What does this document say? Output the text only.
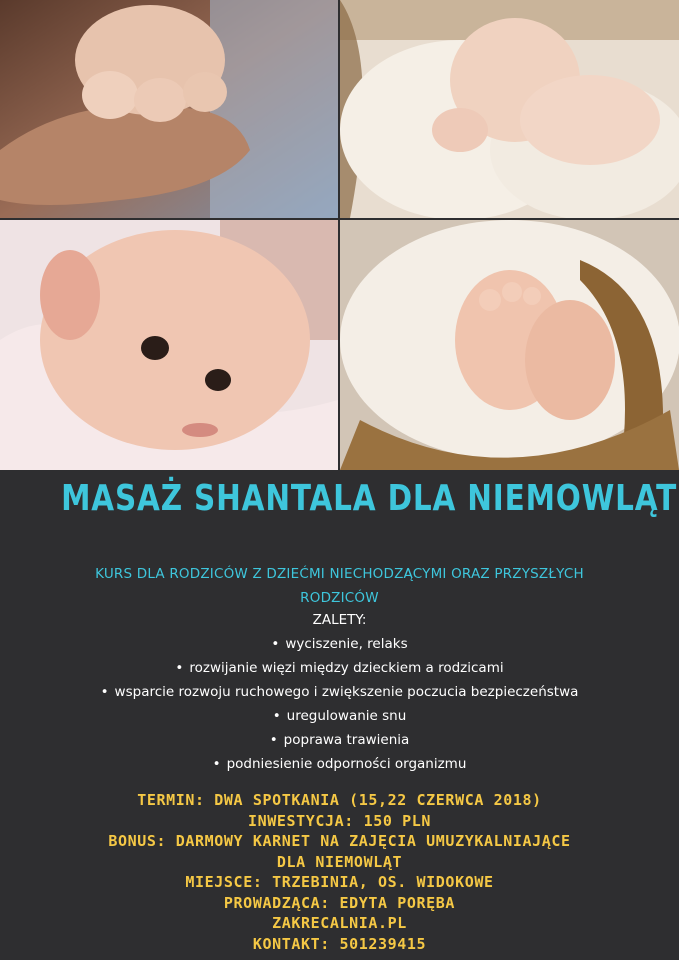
MASAŻ SHANTALA DLA NIEMOWLĄT
KURS DLA RODZICÓW Z DZIEĆMI NIECHODZĄCYMI ORAZ PRZYSZŁYCH RODZICÓW
ZALETY:
• wyciszenie, relaks
• rozwijanie więzi między dzieckiem a rodzicami
• wsparcie rozwoju ruchowego i zwiększenie poczucia bezpieczeństwa
• uregulowanie snu
• poprawa trawienia
• podniesienie odporności organizmu
TERMIN: DWA SPOTKANIA (15,22 CZERWCA 2018)
INWESTYCJA: 150 PLN
BONUS: DARMOWY KARNET NA ZAJĘCIA UMUZYKALNIAJĄCE
DLA NIEMOWLĄT
MIEJSCE: TRZEBINIA, OS. WIDOKOWE
PROWADZĄCA: EDYTA PORĘBA
ZAKRECALNIA.PL
KONTAKT: 501239415
